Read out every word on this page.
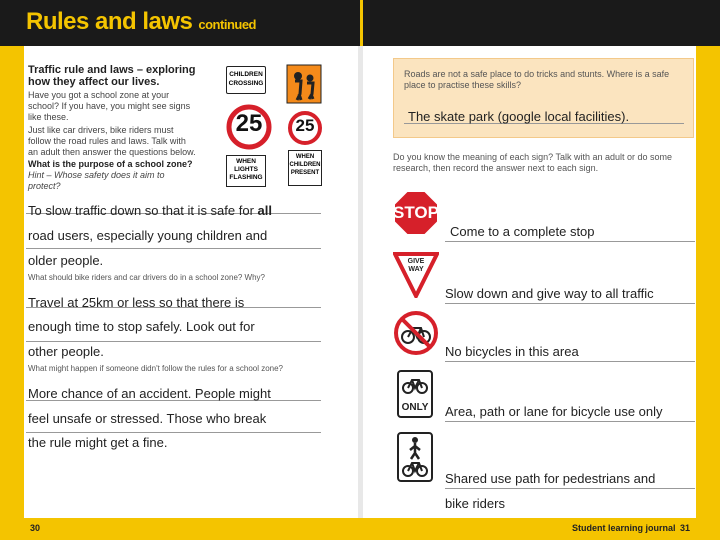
Rules and laws continued
30	Student learning journal 31
Traffic rule and laws – exploring how they affect our lives.
Have you got a school zone at your school? If you have, you might see signs like these.
Just like car drivers, bike riders must follow the road rules and laws. Talk with an adult then answer the questions below.
What is the purpose of a school zone?
Hint – Whose safety does it aim to protect?
CHILDREN CROSSING
25	25
WHEN LIGHTS FLASHING
WHEN CHILDREN PRESENT
To slow traffic down so that it is safe for all
road users, especially young children and
older people.
What should bike riders and car drivers do in a school zone? Why?
Travel at 25km or less so that there is
enough time to stop safely. Look out for
other people.
What might happen if someone didn't follow the rules for a school zone?
More chance of an accident. People might
feel unsafe or stressed. Those who break
the rule might get a fine.
Roads are not a safe place to do tricks and stunts. Where is a safe place to practise these skills?
The skate park (google local facilities).
Do you know the meaning of each sign? Talk with an adult or do some research, then record the answer next to each sign.
STOP
Come to a complete stop
GIVE WAY
Slow down and give way to all traffic
No bicycles in this area
ONLY	Area, path or lane for bicycle use only
Shared use path for pedestrians and
bike riders
